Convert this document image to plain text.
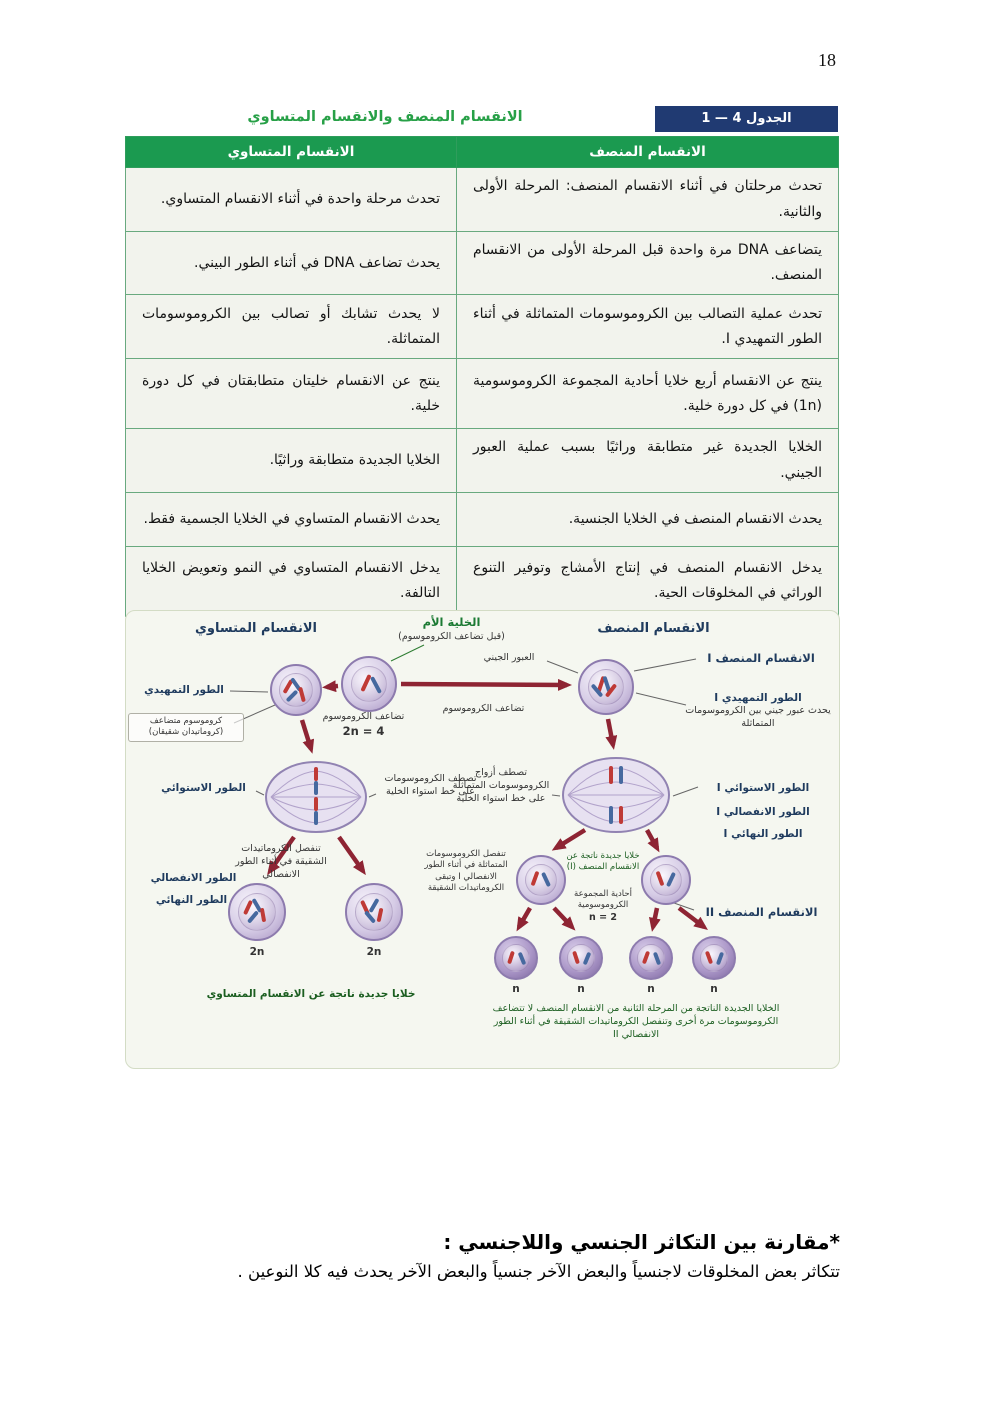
18
الانقسام المنصف والانقسام المتساوي	الجدول 4 — 1
الانقسام المنصف	الانقسام المتساوي
تحدث مرحلتان في أثناء الانقسام المنصف: المرحلة الأولى والثانية.	تحدث مرحلة واحدة في أثناء الانقسام المتساوي.
يتضاعف DNA مرة واحدة قبل المرحلة الأولى من الانقسام المنصف.	يحدث تضاعف DNA في أثناء الطور البيني.
تحدث عملية التصالب بين الكروموسومات المتماثلة في أثناء الطور التمهيدي I.	لا يحدث تشابك أو تصالب بين الكروموسومات المتماثلة.
ينتج عن الانقسام أربع خلايا أحادية المجموعة الكروموسومية (1n) في كل دورة خلية.	ينتج عن الانقسام خليتان متطابقتان في كل دورة خلية.
الخلايا الجديدة غير متطابقة وراثيًا بسبب عملية العبور الجيني.	الخلايا الجديدة متطابقة وراثيًا.
يحدث الانقسام المنصف في الخلايا الجنسية.	يحدث الانقسام المتساوي في الخلايا الجسمية فقط.
يدخل الانقسام المنصف في إنتاج الأمشاج وتوفير التنوع الوراثي في المخلوقات الحية.	يدخل الانقسام المتساوي في النمو وتعويض الخلايا التالفة.
الانقسام المتساوي	الخلية الأم
(قبل تضاعف الكروموسوم)
الانقسام المنصف
الطور التمهيدي
كروموسوم متضاعف (كروماتيدان شقيقان)
تضاعف الكروموسوم
2n = 4
تضاعف الكروموسوم
العبور الجيني	الانقسام المنصف I
الطور التمهيدي I
يحدث عبور جيني بين الكروموسومات المتماثلة
الطور الاستوائي
تصطف الكروموسومات على خط استواء الخلية
تصطف أزواج الكروموسومات المتماثلة على خط استواء الخلية
الطور الاستوائي I
الطور الانفصالي I
الطور النهائي I
تنفصل الكروماتيدات الشقيقة في أثناء الطور الانفصالي
الطور الانفصالي
الطور النهائي
تنفصل الكروموسومات المتماثلة في أثناء الطور الانفصالي I وتبقى الكروماتيدات الشقيقة
خلايا جديدة ناتجة عن الانقسام المنصف (I)
أحادية المجموعة الكروموسومية
n = 2	الانقسام المنصف II
2n	2n
n	n	n	n
خلايا جديدة ناتجة عن الانقسام المتساوي
الخلايا الجديدة الناتجة من المرحلة الثانية من الانقسام المنصف لا تتضاعف الكروموسومات مرة أخرى وتنفصل الكروماتيدات الشقيقة في أثناء الطور الانفصالي II
*مقارنة بين التكاثر الجنسي واللاجنسي :
تتكاثر بعض المخلوقات لاجنسياً والبعض الآخر جنسياً والبعض الآخر يحدث فيه كلا النوعين .
